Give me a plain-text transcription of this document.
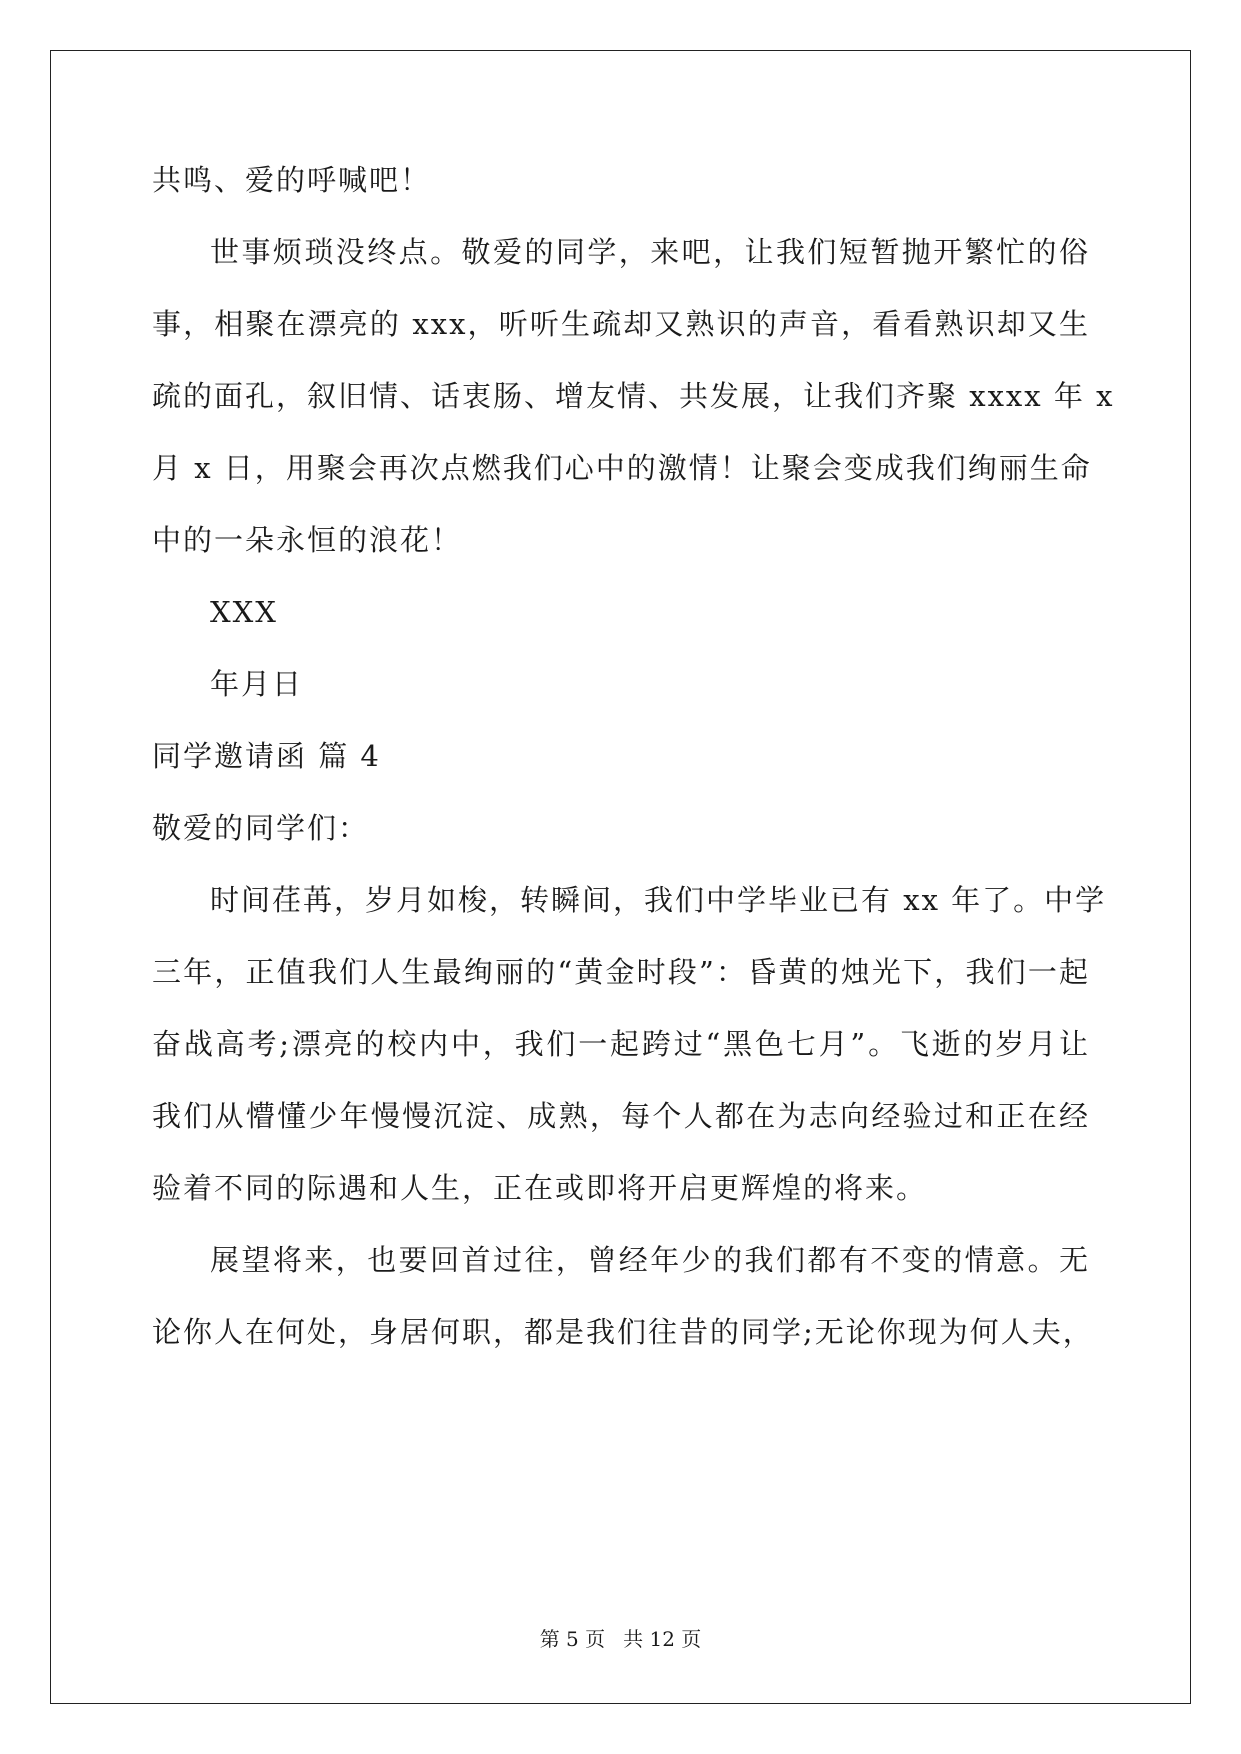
共鸣、爱的呼喊吧！
世事烦琐没终点。敬爱的同学，来吧，让我们短暂抛开繁忙的俗
事，相聚在漂亮的 xxx，听听生疏却又熟识的声音，看看熟识却又生
疏的面孔，叙旧情、话衷肠、增友情、共发展，让我们齐聚 xxxx 年 x
月 x 日，用聚会再次点燃我们心中的激情！让聚会变成我们绚丽生命
中的一朵永恒的浪花！
XXX
年月日
同学邀请函 篇 4
敬爱的同学们：
时间荏苒，岁月如梭，转瞬间，我们中学毕业已有 xx 年了。中学
三年，正值我们人生最绚丽的“黄金时段”：昏黄的烛光下，我们一起
奋战高考;漂亮的校内中，我们一起跨过“黑色七月”。飞逝的岁月让
我们从懵懂少年慢慢沉淀、成熟，每个人都在为志向经验过和正在经
验着不同的际遇和人生，正在或即将开启更辉煌的将来。
展望将来，也要回首过往，曾经年少的我们都有不变的情意。无
论你人在何处，身居何职，都是我们往昔的同学;无论你现为何人夫，
第 5 页 共 12 页
